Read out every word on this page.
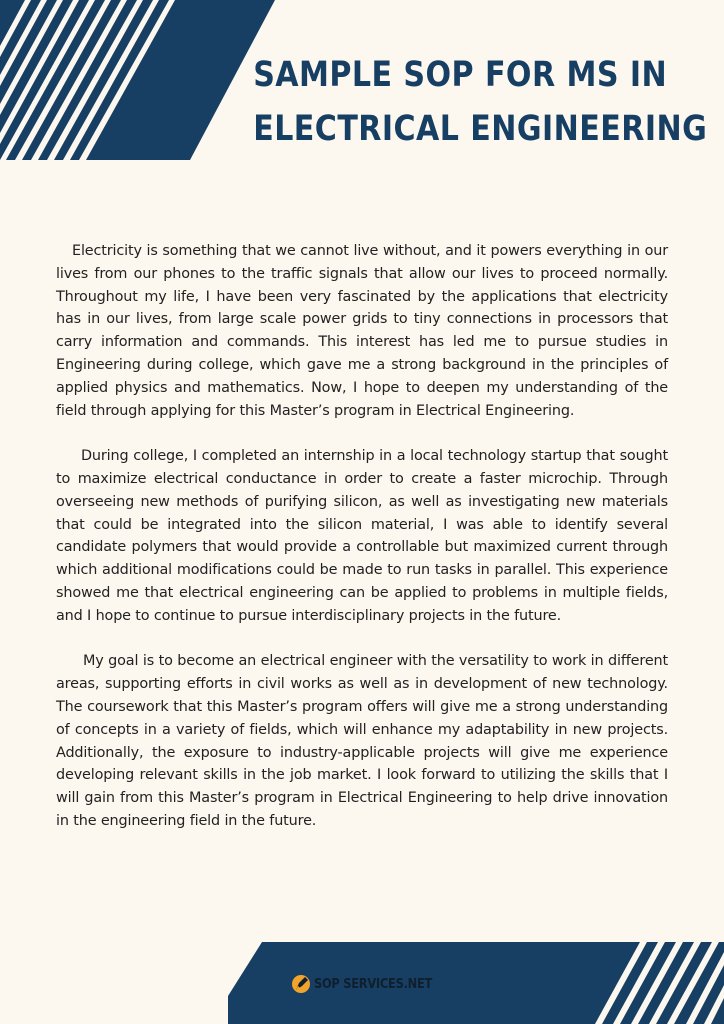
SAMPLE SOP FOR MS IN
ELECTRICAL ENGINEERING

Electricity is something that we cannot live without, and it powers everything in our lives from our phones to the traffic signals that allow our lives to proceed normally. Throughout my life, I have been very fascinated by the applications that electricity has in our lives, from large scale power grids to tiny connections in processors that carry information and commands. This interest has led me to pursue studies in Engineering during college, which gave me a strong background in the principles of applied physics and mathematics. Now, I hope to deepen my understanding of the field through applying for this Master’s program in Electrical Engineering.

During college, I completed an internship in a local technology startup that sought to maximize electrical conductance in order to create a faster microchip. Through overseeing new methods of purifying silicon, as well as investigating new materials that could be integrated into the silicon material, I was able to identify several candidate polymers that would provide a controllable but maximized current through which additional modifications could be made to run tasks in parallel. This experience showed me that electrical engineering can be applied to problems in multiple fields, and I hope to continue to pursue interdisciplinary projects in the future.

My goal is to become an electrical engineer with the versatility to work in different areas, supporting efforts in civil works as well as in development of new technology. The coursework that this Master’s program offers will give me a strong understanding of concepts in a variety of fields, which will enhance my adaptability in new projects. Additionally, the exposure to industry-applicable projects will give me experience developing relevant skills in the job market. I look forward to utilizing the skills that I will gain from this Master’s program in Electrical Engineering to help drive innovation in the engineering field in the future.

SOP SERVICES.NET
